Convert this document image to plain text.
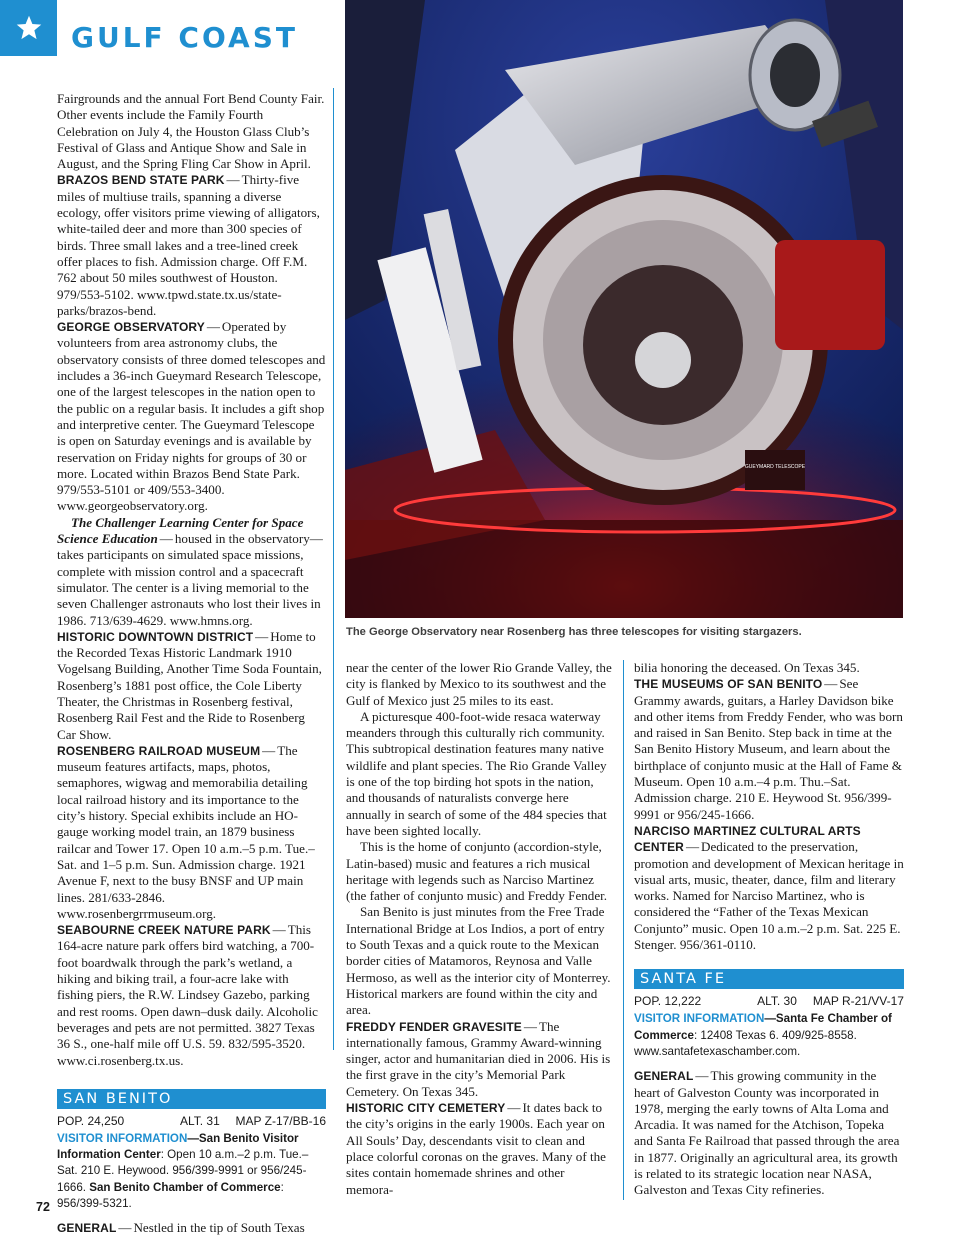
GULF COAST

Fairgrounds and the annual Fort Bend County Fair. Other events include the Family Fourth Celebration on July 4, the Houston Glass Club’s Festival of Glass and Antique Show and Sale in August, and the Spring Fling Car Show in April.

BRAZOS BEND STATE PARK — Thirty-five miles of multiuse trails, spanning a diverse ecology, offer visitors prime viewing of alligators, white-tailed deer and more than 300 species of birds. Three small lakes and a tree-lined creek offer places to fish. Admission charge. Off F.M. 762 about 50 miles southwest of Houston. 979/553-5102. www.tpwd.state.tx.us/state-parks/brazos-bend.

GEORGE OBSERVATORY — Operated by volunteers from area astronomy clubs, the observatory consists of three domed telescopes and includes a 36-inch Gueymard Research Telescope, one of the largest telescopes in the nation open to the public on a regular basis. It includes a gift shop and interpretive center. The Gueymard Telescope is open on Saturday evenings and is available by reservation on Friday nights for groups of 30 or more. Located within Brazos Bend State Park. 979/553-5101 or 409/553-3400. www.georgeobservatory.org.

The Challenger Learning Center for Space Science Education — housed in the observatory—takes participants on simulated space missions, complete with mission control and a spacecraft simulator. The center is a living memorial to the seven Challenger astronauts who lost their lives in 1986. 713/639-4629. www.hmns.org.

HISTORIC DOWNTOWN DISTRICT — Home to the Recorded Texas Historic Landmark 1910 Vogelsang Building, Another Time Soda Fountain, Rosenberg’s 1881 post office, the Cole Liberty Theater, the Christmas in Rosenberg festival, Rosenberg Rail Fest and the Ride to Rosenberg Car Show.

ROSENBERG RAILROAD MUSEUM — The museum features artifacts, maps, photos, semaphores, wigwag and memorabilia detailing local railroad history and its importance to the city’s history. Special exhibits include an HO-gauge working model train, an 1879 business railcar and Tower 17. Open 10 a.m.–5 p.m. Tue.–Sat. and 1–5 p.m. Sun. Admission charge. 1921 Avenue F, next to the busy BNSF and UP main lines. 281/633-2846. www.rosenbergrrmuseum.org.

SEABOURNE CREEK NATURE PARK — This 164-acre nature park offers bird watching, a 700-foot boardwalk through the park’s wetland, a hiking and biking trail, a four-acre lake with fishing piers, the R.W. Lindsey Gazebo, parking and rest rooms. Open dawn–dusk daily. Alcoholic beverages and pets are not permitted. 3827 Texas 36 S., one-half mile off U.S. 59. 832/595-3520. www.ci.rosenberg.tx.us.

SAN BENITO
POP. 24,250	ALT. 31 MAP Z-17/BB-16
VISITOR INFORMATION—San Benito Visitor Information Center: Open 10 a.m.–2 p.m. Tue.–Sat. 210 E. Heywood. 956/399-9991 or 956/245-1666. San Benito Chamber of Commerce: 956/399-5321.

GENERAL — Nestled in the tip of South Texas

GUEYMARD TELESCOPE
The George Observatory near Rosenberg has three telescopes for visiting stargazers.

near the center of the lower Rio Grande Valley, the city is flanked by Mexico to its southwest and the Gulf of Mexico just 25 miles to its east.

A picturesque 400-foot-wide resaca waterway meanders through this culturally rich community. This subtropical destination features many native wildlife and plant species. The Rio Grande Valley is one of the top birding hot spots in the nation, and thousands of naturalists converge here annually in search of some of the 484 species that have been sighted locally.

This is the home of conjunto (accordion-style, Latin-based) music and features a rich musical heritage with legends such as Narciso Martinez (the father of conjunto music) and Freddy Fender.

San Benito is just minutes from the Free Trade International Bridge at Los Indios, a port of entry to South Texas and a quick route to the Mexican border cities of Matamoros, Reynosa and Valle Hermoso, as well as the interior city of Monterrey. Historical markers are found within the city and area.

FREDDY FENDER GRAVESITE — The internationally famous, Grammy Award-winning singer, actor and humanitarian died in 2006. His is the first grave in the city’s Memorial Park Cemetery. On Texas 345.

HISTORIC CITY CEMETERY — It dates back to the city’s origins in the early 1900s. Each year on All Souls’ Day, descendants visit to clean and place colorful coronas on the graves. Many of the sites contain homemade shrines and other memora-

bilia honoring the deceased. On Texas 345.

THE MUSEUMS OF SAN BENITO — See Grammy awards, guitars, a Harley Davidson bike and other items from Freddy Fender, who was born and raised in San Benito. Step back in time at the San Benito History Museum, and learn about the birthplace of conjunto music at the Hall of Fame & Museum. Open 10 a.m.–4 p.m. Thu.–Sat. Admission charge. 210 E. Heywood St. 956/399-9991 or 956/245-1666.

NARCISO MARTINEZ CULTURAL ARTS CENTER — Dedicated to the preservation, promotion and development of Mexican heritage in visual arts, music, theater, dance, film and literary works. Named for Narciso Martinez, who is considered the “Father of the Texas Mexican Conjunto” music. Open 10 a.m.–2 p.m. Sat. 225 E. Stenger. 956/361-0110.

SANTA FE
POP. 12,222	ALT. 30 MAP R-21/VV-17
VISITOR INFORMATION—Santa Fe Chamber of Commerce: 12408 Texas 6. 409/925-8558. www.santafetexaschamber.com.

GENERAL — This growing community in the heart of Galveston County was incorporated in 1978, merging the early towns of Alta Loma and Arcadia. It was named for the Atchison, Topeka and Santa Fe Railroad that passed through the area in 1877. Originally an agricultural area, its growth is related to its strategic location near NASA, Galveston and Texas City refineries.

72
